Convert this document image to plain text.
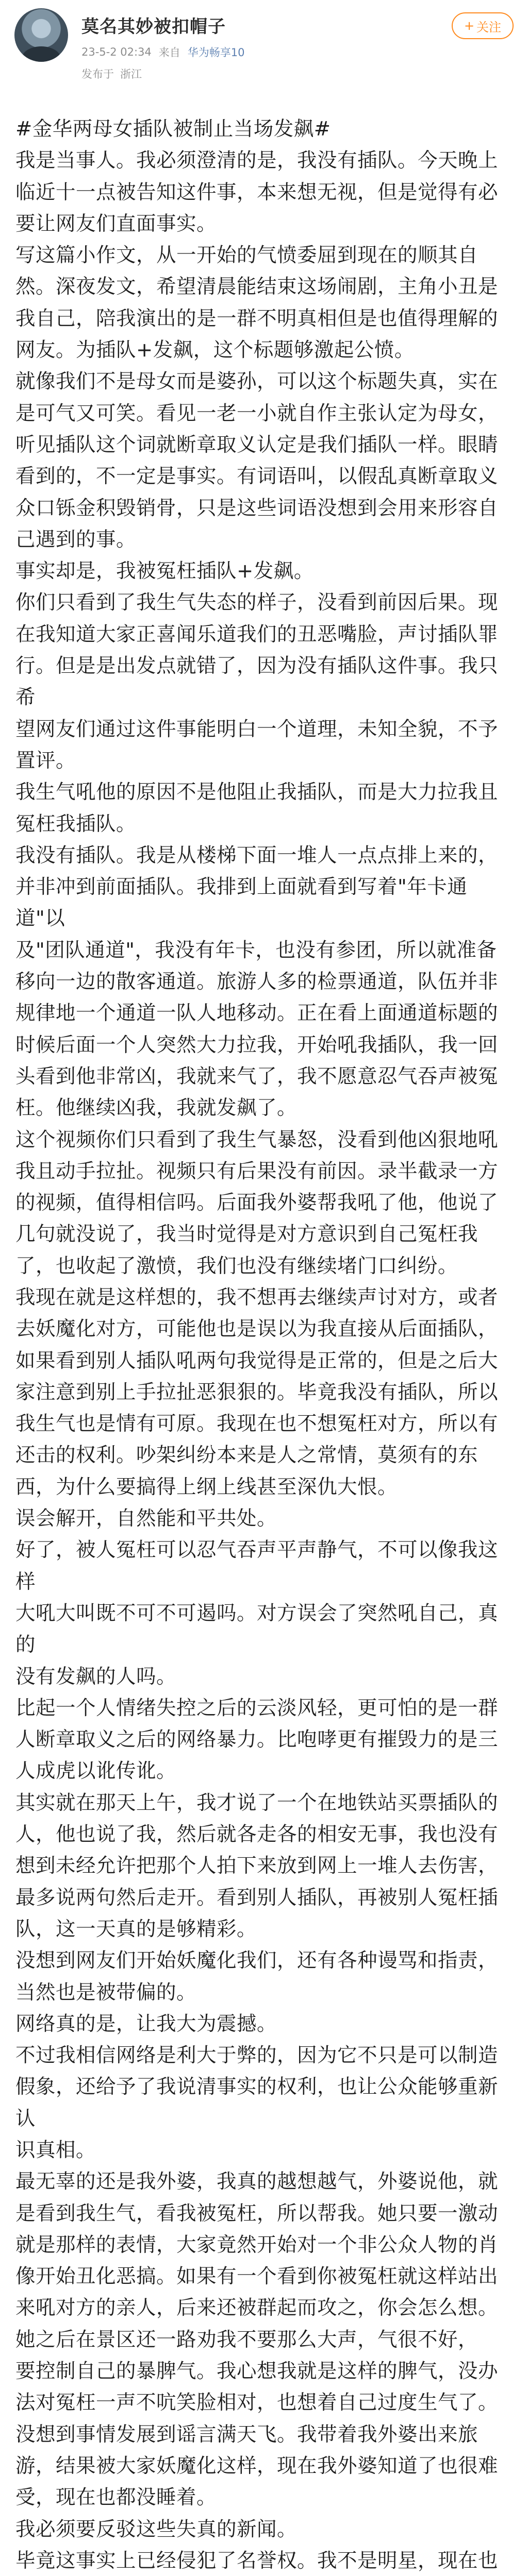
莫名其妙被扣帽子
23-5-2 02:34 来自 华为畅享10
发布于 浙江
+ 关注

#金华两母女插队被制止当场发飙#

我是当事人。我必须澄清的是，我没有插队。今天晚上

临近十一点被告知这件事，本来想无视，但是觉得有必

要让网友们直面事实。

写这篇小作文，从一开始的气愤委屈到现在的顺其自

然。深夜发文，希望清晨能结束这场闹剧，主角小丑是

我自己，陪我演出的是一群不明真相但是也值得理解的

网友。为插队+发飙，这个标题够激起公愤。

就像我们不是母女而是婆孙，可以这个标题失真，实在

是可气又可笑。看见一老一小就自作主张认定为母女，

听见插队这个词就断章取义认定是我们插队一样。眼睛

看到的，不一定是事实。有词语叫，以假乱真断章取义

众口铄金积毁销骨，只是这些词语没想到会用来形容自

己遇到的事。

事实却是，我被冤枉插队+发飙。

你们只看到了我生气失态的样子，没看到前因后果。现

在我知道大家正喜闻乐道我们的丑恶嘴脸，声讨插队罪

行。但是是出发点就错了，因为没有插队这件事。我只希

望网友们通过这件事能明白一个道理，未知全貌，不予

置评。

我生气吼他的原因不是他阻止我插队，而是大力拉我且

冤枉我插队。

我没有插队。我是从楼梯下面一堆人一点点排上来的，

并非冲到前面插队。我排到上面就看到写着"年卡通道"以

及"团队通道"，我没有年卡，也没有参团，所以就准备

移向一边的散客通道。旅游人多的检票通道，队伍并非

规律地一个通道一队人地移动。正在看上面通道标题的

时候后面一个人突然大力拉我，开始吼我插队，我一回

头看到他非常凶，我就来气了，我不愿意忍气吞声被冤

枉。他继续凶我，我就发飙了。

这个视频你们只看到了我生气暴怒，没看到他凶狠地吼

我且动手拉扯。视频只有后果没有前因。录半截录一方

的视频，值得相信吗。后面我外婆帮我吼了他，他说了

几句就没说了，我当时觉得是对方意识到自己冤枉我

了，也收起了激愤，我们也没有继续堵门口纠纷。

我现在就是这样想的，我不想再去继续声讨对方，或者

去妖魔化对方，可能他也是误以为我直接从后面插队，

如果看到别人插队吼两句我觉得是正常的，但是之后大

家注意到别上手拉扯恶狠狠的。毕竟我没有插队，所以

我生气也是情有可原。我现在也不想冤枉对方，所以有

还击的权利。吵架纠纷本来是人之常情，莫须有的东

西，为什么要搞得上纲上线甚至深仇大恨。

误会解开，自然能和平共处。

好了，被人冤枉可以忍气吞声平声静气，不可以像我这样

大吼大叫既不可不可遏吗。对方误会了突然吼自己，真的

没有发飙的人吗。

比起一个人情绪失控之后的云淡风轻，更可怕的是一群

人断章取义之后的网络暴力。比咆哮更有摧毁力的是三

人成虎以讹传讹。

其实就在那天上午，我才说了一个在地铁站买票插队的

人，他也说了我，然后就各走各的相安无事，我也没有

想到未经允许把那个人拍下来放到网上一堆人去伤害，

最多说两句然后走开。看到别人插队，再被别人冤枉插

队，这一天真的是够精彩。

没想到网友们开始妖魔化我们，还有各种谩骂和指责，

当然也是被带偏的。

网络真的是，让我大为震撼。

不过我相信网络是利大于弊的，因为它不只是可以制造

假象，还给予了我说清事实的权利，也让公众能够重新认

识真相。

最无辜的还是我外婆，我真的越想越气，外婆说他，就

是看到我生气，看我被冤枉，所以帮我。她只要一激动

就是那样的表情，大家竟然开始对一个非公众人物的肖

像开始丑化恶搞。如果有一个看到你被冤枉就这样站出

来吼对方的亲人，后来还被群起而攻之，你会怎么想。

她之后在景区还一路劝我不要那么大声，气很不好，

要控制自己的暴脾气。我心想我就是这样的脾气，没办

法对冤枉一声不吭笑脸相对，也想着自己过度生气了。

没想到事情发展到谣言满天飞。我带着我外婆出来旅

游，结果被大家妖魔化这样，现在我外婆知道了也很难

受，现在也都没睡着。

我必须要反驳这些失真的新闻。

毕竟这事实上已经侵犯了名誉权。我不是明星，现在也
